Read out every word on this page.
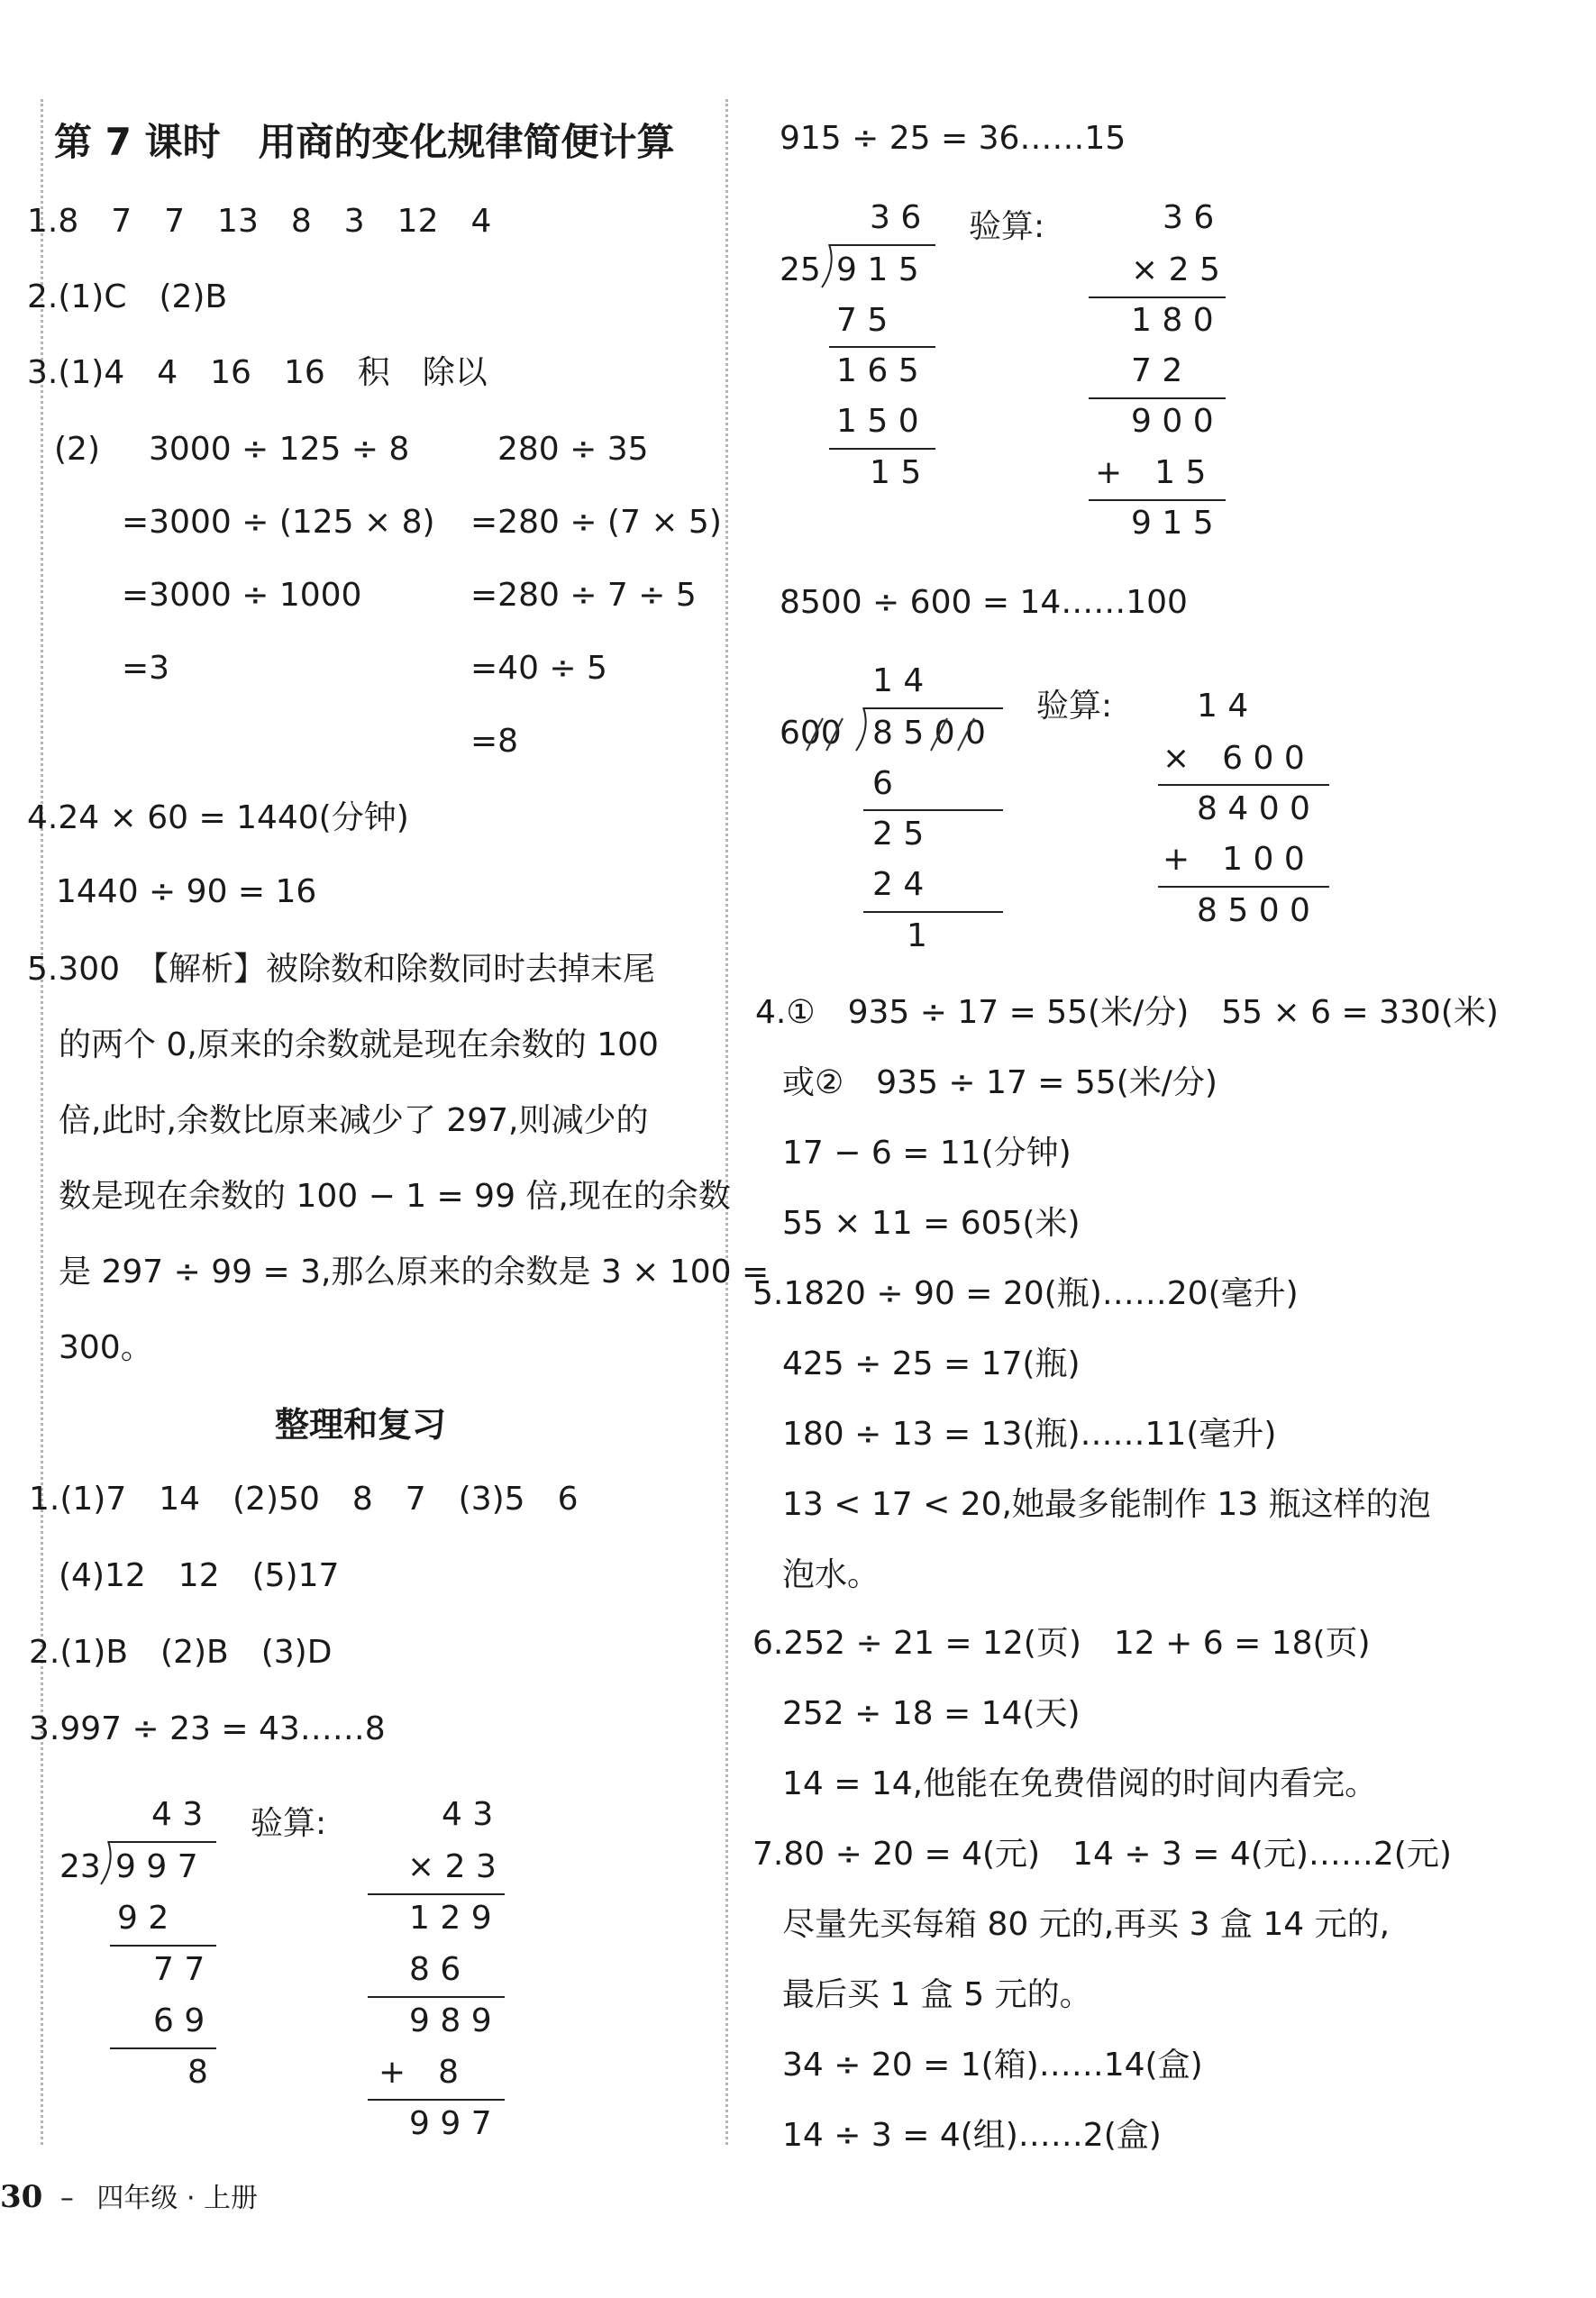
第 7 课时　用商的变化规律简便计算
1.8　7　7　13　8　3　12　4
2.(1)C　(2)B
3.(1)4　4　16　16　积　除以
(2) 3000 ÷ 125 ÷ 8
=3000 ÷ (125 × 8)
=3000 ÷ 1000
=3
280 ÷ 35
=280 ÷ (7 × 5)
=280 ÷ 7 ÷ 5
=40 ÷ 5
=8
4.24 × 60 = 1440(分钟)
1440 ÷ 90 = 16
5.300　【解析】被除数和除数同时去掉末尾
的两个 0,原来的余数就是现在余数的 100
倍,此时,余数比原来减少了 297,则减少的
数是现在余数的 100 − 1 = 99 倍,现在的余数
是 297 ÷ 99 = 3,那么原来的余数是 3 × 100 =
300。
整理和复习
1.(1)7　14　(2)50　8　7　(3)5　6
(4)12　12　(5)17
2.(1)B　(2)B　(3)D
3.997 ÷ 23 = 43……8
4 3
23 9 9 7
9 2
7 7
6 9
8
验算:	4 3
× 2 3
1 2 9
8 6
9 8 9
+　8
9 9 7
915 ÷ 25 = 36……15
3 6
25 9 1 5
7 5
1 6 5
1 5 0
1 5
验算:	3 6
× 2 5
1 8 0
7 2
9 0 0
+　1 5
9 1 5
8500 ÷ 600 = 14……100
1 4
600 8 5 0 0
6
2 5
2 4
1
验算:	1 4
×　6 0 0
8 4 0 0
+　1 0 0
8 5 0 0
4.①　935 ÷ 17 = 55(米/分)　55 × 6 = 330(米)
或②　935 ÷ 17 = 55(米/分)
17 − 6 = 11(分钟)
55 × 11 = 605(米)
5.1820 ÷ 90 = 20(瓶)……20(毫升)
425 ÷ 25 = 17(瓶)
180 ÷ 13 = 13(瓶)……11(毫升)
13 < 17 < 20,她最多能制作 13 瓶这样的泡
泡水。
6.252 ÷ 21 = 12(页)　12 + 6 = 18(页)
252 ÷ 18 = 14(天)
14 = 14,他能在免费借阅的时间内看完。
7.80 ÷ 20 = 4(元)　14 ÷ 3 = 4(元)……2(元)
尽量先买每箱 80 元的,再买 3 盒 14 元的,
最后买 1 盒 5 元的。
34 ÷ 20 = 1(箱)……14(盒)
14 ÷ 3 = 4(组)……2(盒)
30 – 四年级 · 上册
